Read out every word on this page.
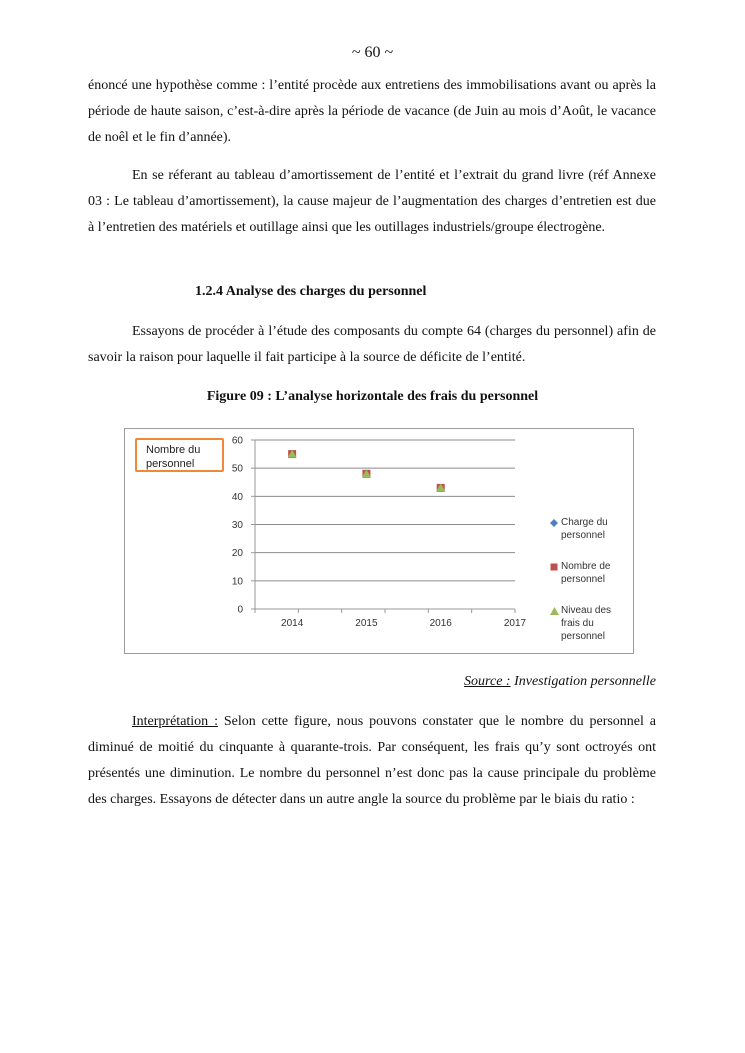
~ 60 ~

énoncé une hypothèse comme : l’entité procède aux entretiens des immobilisations avant ou après la période de haute saison, c’est-à-dire après la période de vacance (de Juin au mois d’Août, le vacance de noêl et le fin d’année).

En se réferant au tableau d’amortissement de l’entité et l’extrait du grand livre (réf Annexe 03 : Le tableau d’amortissement), la cause majeur de l’augmentation des charges d’entretien est due à l’entretien des matériels et outillage ainsi que les outillages industriels/groupe électrogène.

1.2.4 Analyse des charges du personnel

Essayons de procéder à l’étude des composants du compte 64 (charges du personnel) afin de savoir la raison pour laquelle il fait participe à la source de déficite de l’entité.

Figure 09 : L’analyse horizontale des frais du personnel
0
10
20
30
40
50
60
2014	2015	2016	2017
Nombre du personnel
Charge du personnel
Nombre de personnel
Niveau des frais du personnel
Source : Investigation personnelle

Interprétation : Selon cette figure, nous pouvons constater que le nombre du personnel a diminué de moitié du cinquante à quarante-trois. Par conséquent, les frais qu’y sont octroyés ont présentés une diminution. Le nombre du personnel n’est donc pas la cause principale du problème des charges. Essayons de détecter dans un autre angle la source du problème par le biais du ratio :
